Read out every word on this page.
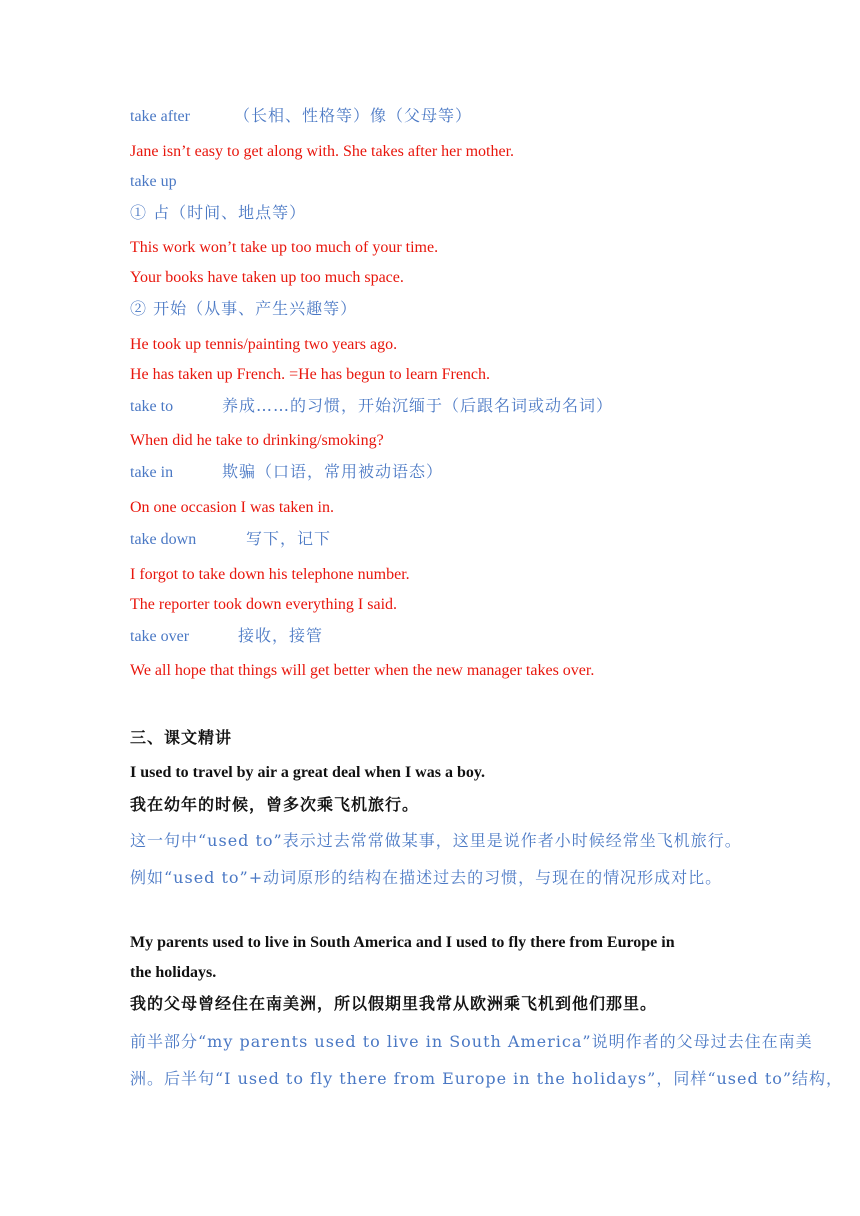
take after	（长相、性格等）像（父母等）
Jane isn’t easy to get along with. She takes after her mother.
take up
① 占（时间、地点等）
This work won’t take up too much of your time.
Your books have taken up too much space.
② 开始（从事、产生兴趣等）
He took up tennis/painting two years ago.
He has taken up French. =He has begun to learn French.
take to	养成……的习惯，开始沉缅于（后跟名词或动名词）
When did he take to drinking/smoking?
take in	欺骗（口语，常用被动语态）
On one occasion I was taken in.
take down	写下，记下
I forgot to take down his telephone number.
The reporter took down everything I said.
take over	接收，接管
We all hope that things will get better when the new manager takes over.
三、课文精讲
I used to travel by air a great deal when I was a boy.
我在幼年的时候，曾多次乘飞机旅行。
这一句中“used to”表示过去常常做某事，这里是说作者小时候经常坐飞机旅行。
例如“used to”+动词原形的结构在描述过去的习惯，与现在的情况形成对比。
My parents used to live in South America and I used to fly there from Europe in
the holidays.
我的父母曾经住在南美洲，所以假期里我常从欧洲乘飞机到他们那里。
前半部分“my parents used to live in South America”说明作者的父母过去住在南美
洲。后半句“I used to fly there from Europe in the holidays”，同样“used to”结构，
